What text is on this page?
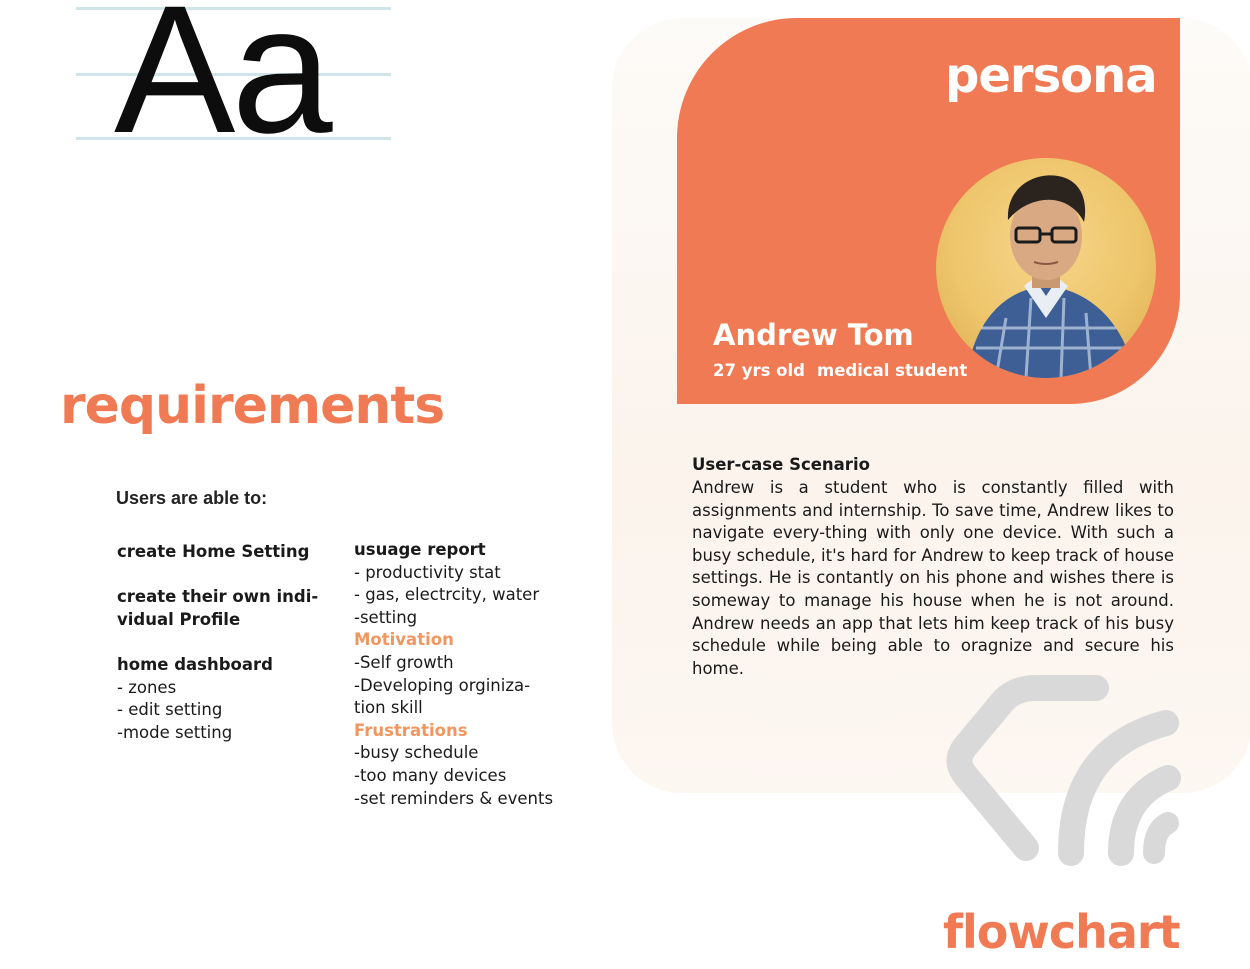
Aa
requirements
Users are able to:
create Home Setting
create their own indi-
vidual Profile
home dashboard
- zones
- edit setting
-mode setting
usuage report
- productivity stat
- gas, electrcity, water
-setting
Motivation
-Self growth
-Developing orginiza-
tion skill
Frustrations
-busy schedule
-too many devices
-set reminders & events
persona
Andrew Tom
27 yrs old medical student
User-case Scenario
Andrew is a student who is constantly filled with assignments and internship. To save time, Andrew likes to navigate every-thing with only one device. With such a busy schedule, it's hard for Andrew to keep track of house settings. He is contantly on his phone and wishes there is someway to manage his house when he is not around. Andrew needs an app that lets him keep track of his busy schedule while being able to oragnize and secure his home.
flowchart
